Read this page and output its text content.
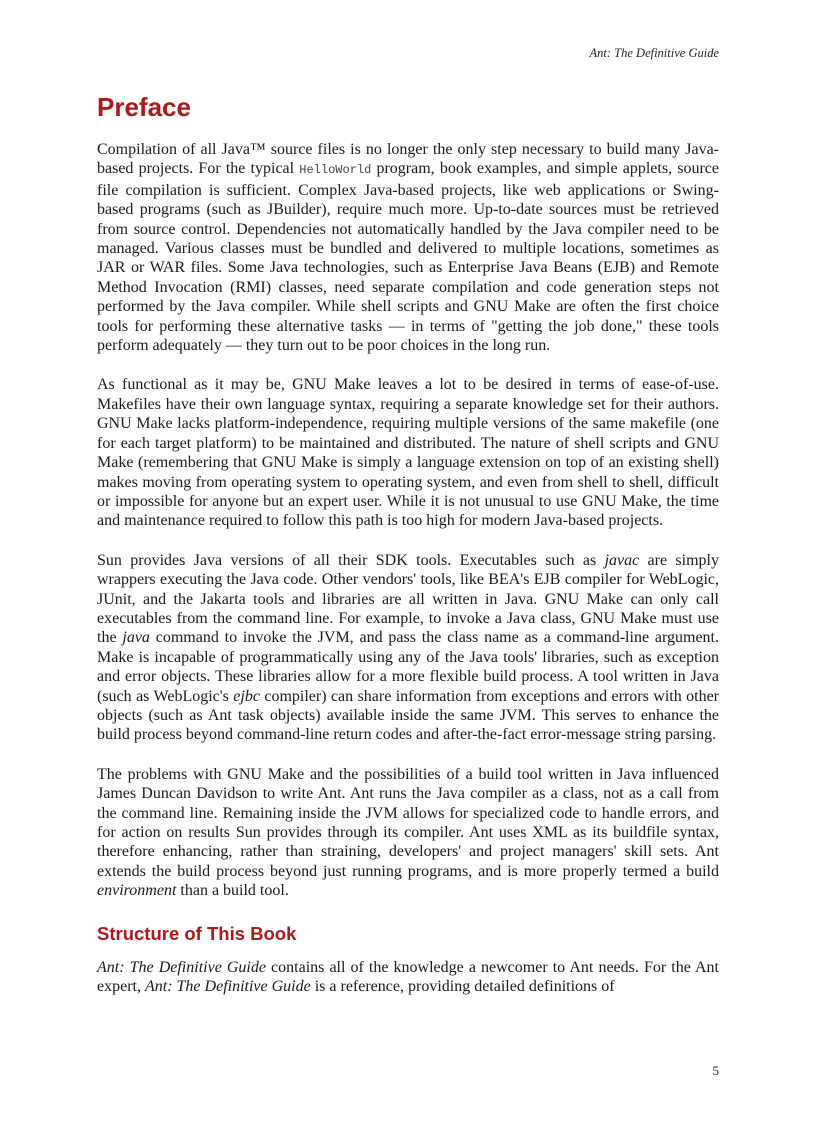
Ant: The Definitive Guide
Preface

Compilation of all Java™ source files is no longer the only step necessary to build many Java-based projects. For the typical HelloWorld program, book examples, and simple applets, source file compilation is sufficient. Complex Java-based projects, like web applications or Swing-based programs (such as JBuilder), require much more. Up-to-date sources must be retrieved from source control. Dependencies not automatically handled by the Java compiler need to be managed. Various classes must be bundled and delivered to multiple locations, sometimes as JAR or WAR files. Some Java technologies, such as Enterprise Java Beans (EJB) and Remote Method Invocation (RMI) classes, need separate compilation and code generation steps not performed by the Java compiler. While shell scripts and GNU Make are often the first choice tools for performing these alternative tasks — in terms of "getting the job done," these tools perform adequately — they turn out to be poor choices in the long run.

As functional as it may be, GNU Make leaves a lot to be desired in terms of ease-of-use. Makefiles have their own language syntax, requiring a separate knowledge set for their authors. GNU Make lacks platform-independence, requiring multiple versions of the same makefile (one for each target platform) to be maintained and distributed. The nature of shell scripts and GNU Make (remembering that GNU Make is simply a language extension on top of an existing shell) makes moving from operating system to operating system, and even from shell to shell, difficult or impossible for anyone but an expert user. While it is not unusual to use GNU Make, the time and maintenance required to follow this path is too high for modern Java-based projects.

Sun provides Java versions of all their SDK tools. Executables such as javac are simply wrappers executing the Java code. Other vendors' tools, like BEA's EJB compiler for WebLogic, JUnit, and the Jakarta tools and libraries are all written in Java. GNU Make can only call executables from the command line. For example, to invoke a Java class, GNU Make must use the java command to invoke the JVM, and pass the class name as a command-line argument. Make is incapable of programmatically using any of the Java tools' libraries, such as exception and error objects. These libraries allow for a more flexible build process. A tool written in Java (such as WebLogic's ejbc compiler) can share information from exceptions and errors with other objects (such as Ant task objects) available inside the same JVM. This serves to enhance the build process beyond command-line return codes and after-the-fact error-message string parsing.

The problems with GNU Make and the possibilities of a build tool written in Java influenced James Duncan Davidson to write Ant. Ant runs the Java compiler as a class, not as a call from the command line. Remaining inside the JVM allows for specialized code to handle errors, and for action on results Sun provides through its compiler. Ant uses XML as its buildfile syntax, therefore enhancing, rather than straining, developers' and project managers' skill sets. Ant extends the build process beyond just running programs, and is more properly termed a build environment than a build tool.

Structure of This Book

Ant: The Definitive Guide contains all of the knowledge a newcomer to Ant needs. For the Ant expert, Ant: The Definitive Guide is a reference, providing detailed definitions of

5
